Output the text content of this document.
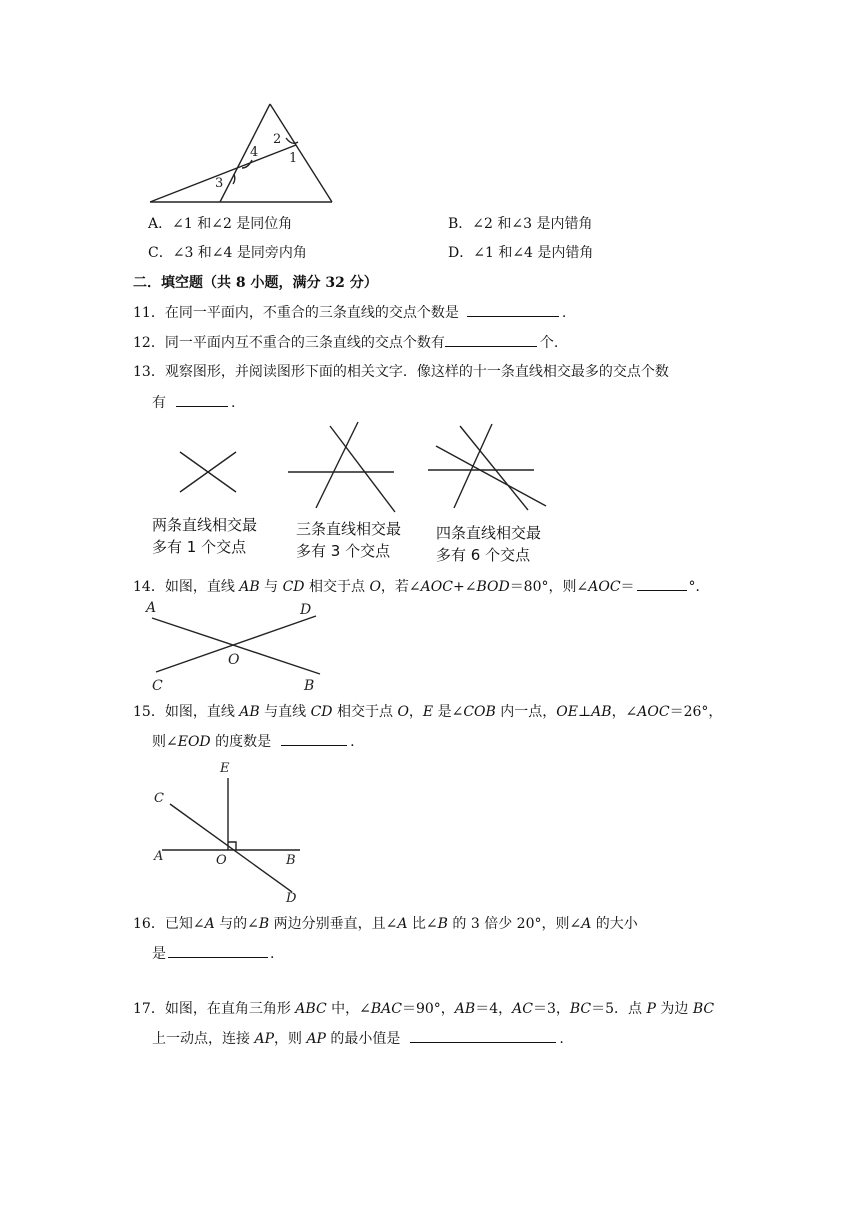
2
1
4
3
A．∠1 和∠2 是同位角	B．∠2 和∠3 是内错角
C．∠3 和∠4 是同旁内角	D．∠1 和∠4 是内错角
二．填空题（共 8 小题，满分 32 分）
11．在同一平面内，不重合的三条直线的交点个数是	.
12．同一平面内互不重合的三条直线的交点个数有	个.
13．观察图形，并阅读图形下面的相关文字．像这样的十一条直线相交最多的交点个数
有	.
两条直线相交最
多有 1 个交点
三条直线相交最
多有 3 个交点
四条直线相交最
多有 6 个交点
14．如图，直线 AB 与 CD 相交于点 O，若∠AOC+∠BOD＝80°，则∠AOC＝	°．
A	D
O
C	B
15．如图，直线 AB 与直线 CD 相交于点 O，E 是∠COB 内一点，OE⊥AB，∠AOC＝26°，
则∠EOD 的度数是	.
E
C
A	O	B
D
16．已知∠A 与的∠B 两边分别垂直，且∠A 比∠B 的 3 倍少 20°，则∠A 的大小
是	.
17．如图，在直角三角形 ABC 中，∠BAC＝90°，AB＝4，AC＝3，BC＝5．点 P 为边 BC
上一动点，连接 AP，则 AP 的最小值是	.
